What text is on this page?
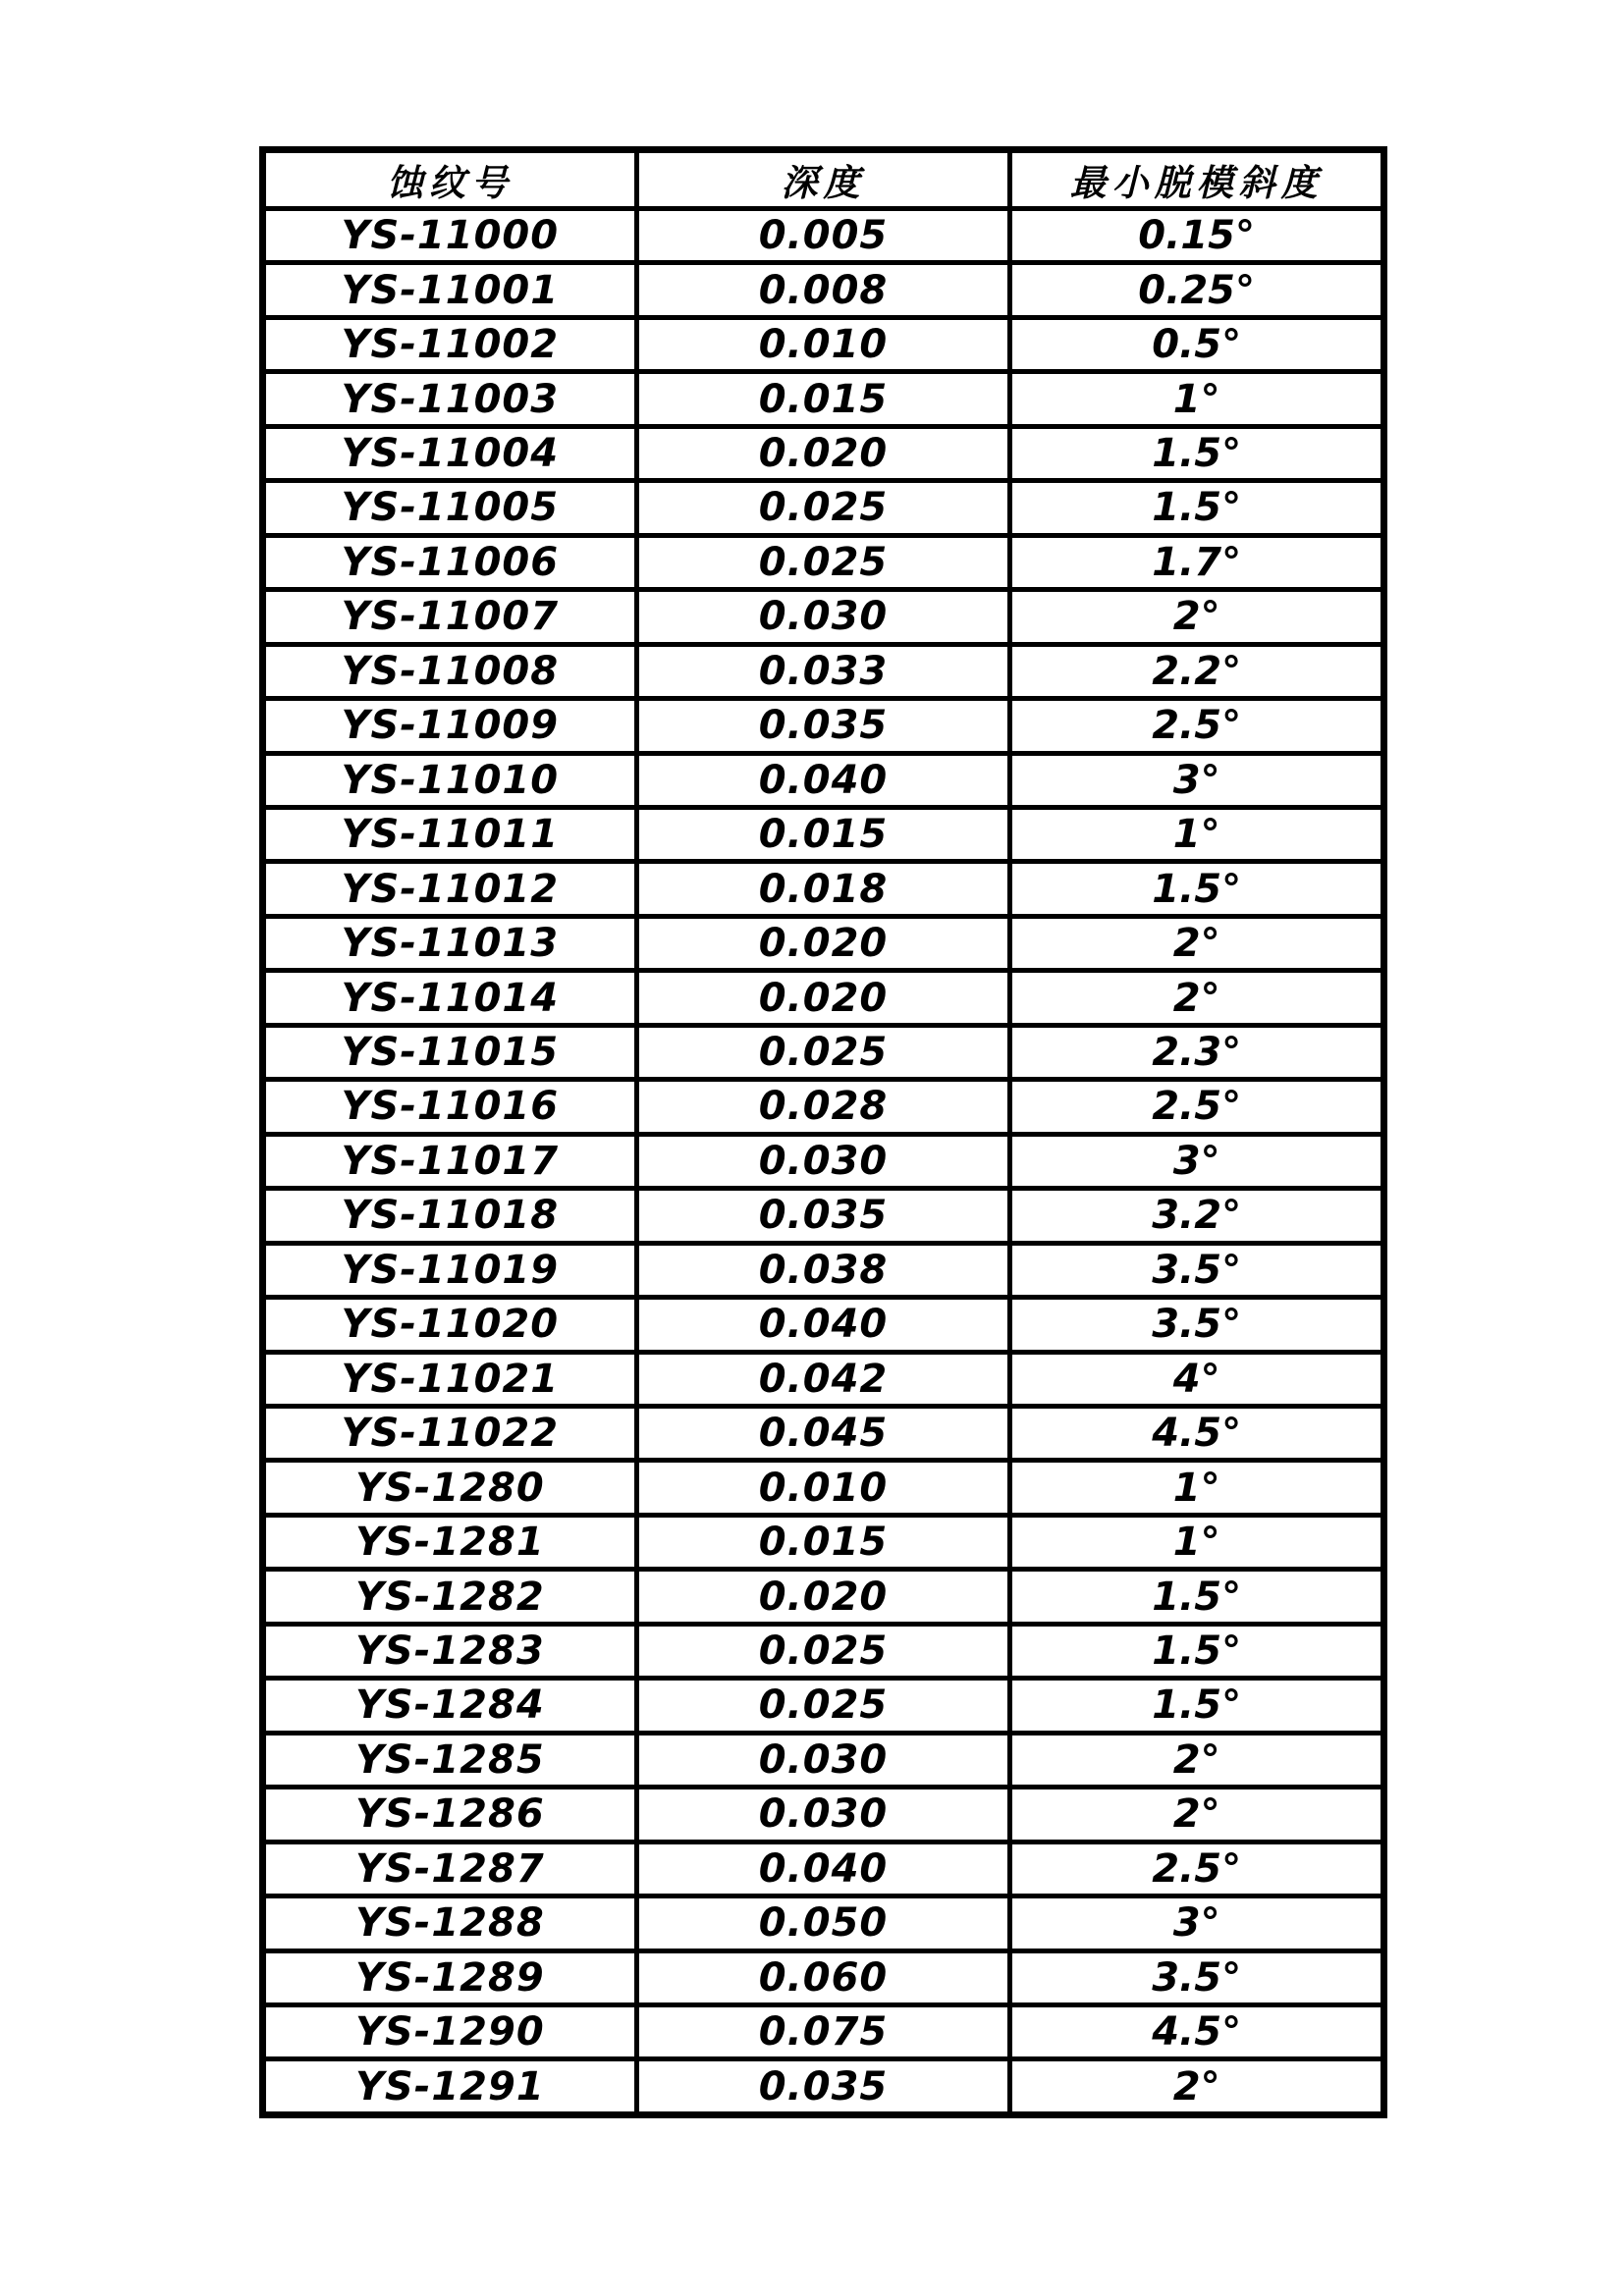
蚀纹号	深度	最小脱模斜度
YS-11000	0.005	0.15°
YS-11001	0.008	0.25°
YS-11002	0.010	0.5°
YS-11003	0.015	1°
YS-11004	0.020	1.5°
YS-11005	0.025	1.5°
YS-11006	0.025	1.7°
YS-11007	0.030	2°
YS-11008	0.033	2.2°
YS-11009	0.035	2.5°
YS-11010	0.040	3°
YS-11011	0.015	1°
YS-11012	0.018	1.5°
YS-11013	0.020	2°
YS-11014	0.020	2°
YS-11015	0.025	2.3°
YS-11016	0.028	2.5°
YS-11017	0.030	3°
YS-11018	0.035	3.2°
YS-11019	0.038	3.5°
YS-11020	0.040	3.5°
YS-11021	0.042	4°
YS-11022	0.045	4.5°
YS-1280	0.010	1°
YS-1281	0.015	1°
YS-1282	0.020	1.5°
YS-1283	0.025	1.5°
YS-1284	0.025	1.5°
YS-1285	0.030	2°
YS-1286	0.030	2°
YS-1287	0.040	2.5°
YS-1288	0.050	3°
YS-1289	0.060	3.5°
YS-1290	0.075	4.5°
YS-1291	0.035	2°
